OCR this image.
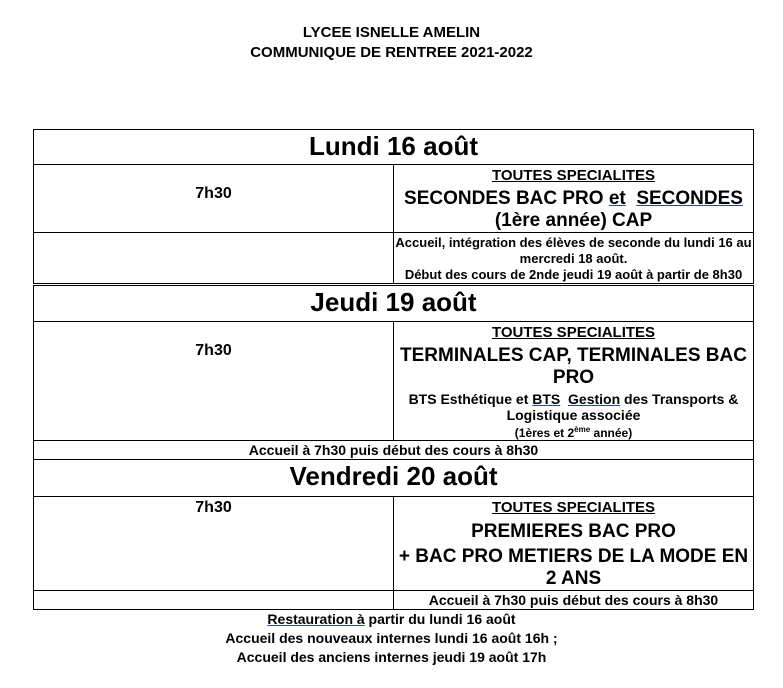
LYCEE ISNELLE AMELIN
COMMUNIQUE DE RENTREE 2021-2022
Lundi 16 août	
7h30	TOUTES SPECIALITES
SECONDES BAC PRO et SECONDES (1ère année) CAP

	Accueil, intégration des élèves de seconde du lundi 16 au mercredi 18 août.
Début des cours de 2nde jeudi 19 août à partir de 8h30
Jeudi 19 août	
7h30	TOUTES SPECIALITES
TERMINALES CAP, TERMINALES BAC PRO
BTS Esthétique et BTS Gestion des Transports & Logistique associée
(1ères et 2ème année)

Accueil à 7h30 puis début des cours à 8h30	
Vendredi 20 août	
7h30	TOUTES SPECIALITES
PREMIERES BAC PRO
+ BAC PRO METIERS DE LA MODE EN 2 ANS

	Accueil à 7h30 puis début des cours à 8h30
Restauration à partir du lundi 16 août
Accueil des nouveaux internes lundi 16 août 16h ;
Accueil des anciens internes jeudi 19 août 17h
